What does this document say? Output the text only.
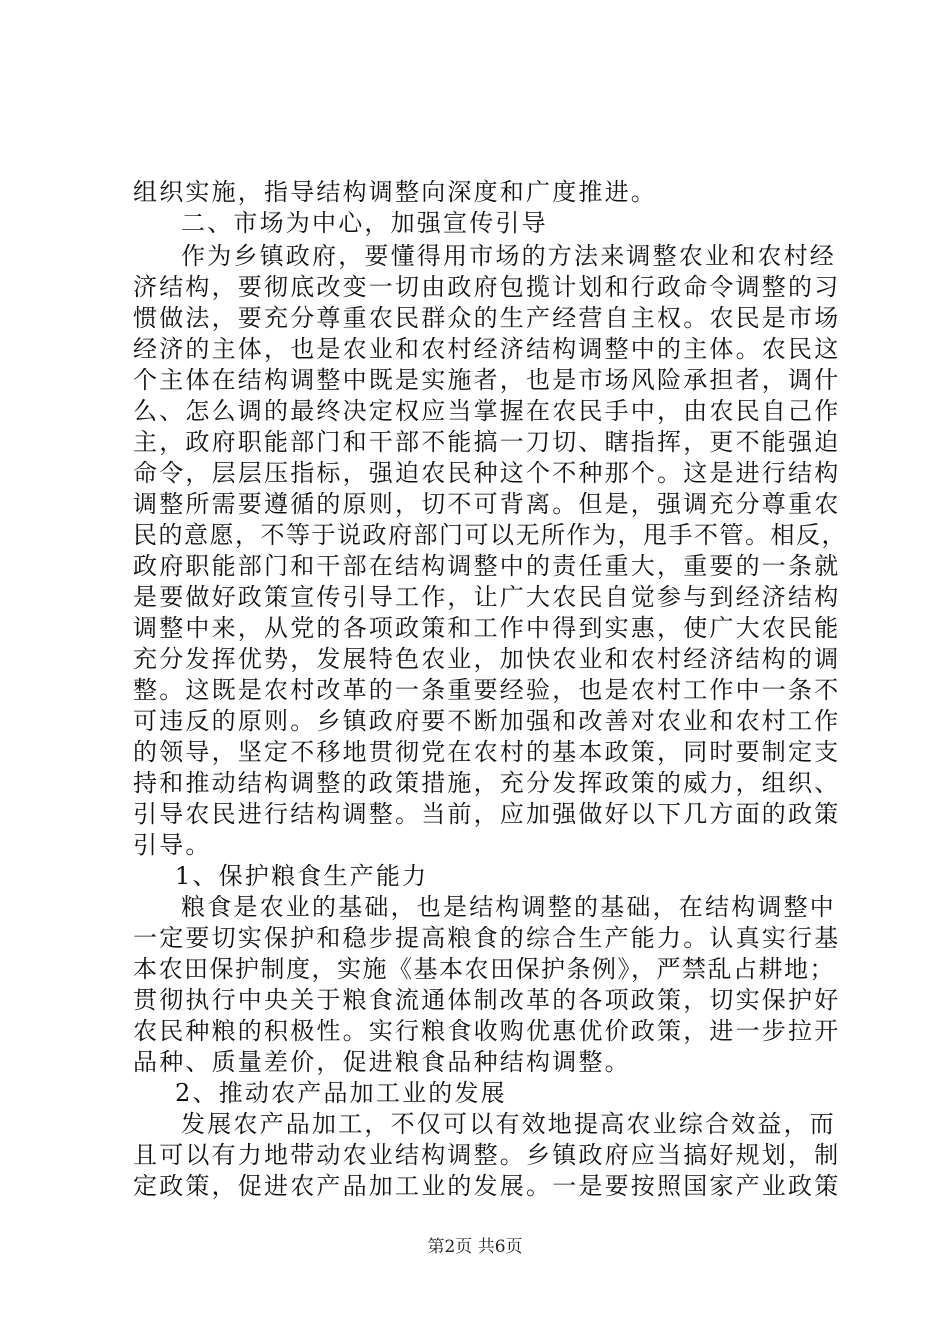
组织实施，指导结构调整向深度和广度推进。
二、市场为中心，加强宣传引导
作为乡镇政府，要懂得用市场的方法来调整农业和农村经
济结构，要彻底改变一切由政府包揽计划和行政命令调整的习
惯做法，要充分尊重农民群众的生产经营自主权。农民是市场
经济的主体，也是农业和农村经济结构调整中的主体。农民这
个主体在结构调整中既是实施者，也是市场风险承担者，调什
么、怎么调的最终决定权应当掌握在农民手中，由农民自己作
主，政府职能部门和干部不能搞一刀切、瞎指挥，更不能强迫
命令，层层压指标，强迫农民种这个不种那个。这是进行结构
调整所需要遵循的原则，切不可背离。但是，强调充分尊重农
民的意愿，不等于说政府部门可以无所作为，甩手不管。相反，
政府职能部门和干部在结构调整中的责任重大，重要的一条就
是要做好政策宣传引导工作，让广大农民自觉参与到经济结构
调整中来，从党的各项政策和工作中得到实惠，使广大农民能
充分发挥优势，发展特色农业，加快农业和农村经济结构的调
整。这既是农村改革的一条重要经验，也是农村工作中一条不
可违反的原则。乡镇政府要不断加强和改善对农业和农村工作
的领导，坚定不移地贯彻党在农村的基本政策，同时要制定支
持和推动结构调整的政策措施，充分发挥政策的威力，组织、
引导农民进行结构调整。当前，应加强做好以下几方面的政策
引导。
1、保护粮食生产能力
粮食是农业的基础，也是结构调整的基础，在结构调整中
一定要切实保护和稳步提高粮食的综合生产能力。认真实行基
本农田保护制度，实施《基本农田保护条例》，严禁乱占耕地；
贯彻执行中央关于粮食流通体制改革的各项政策，切实保护好
农民种粮的积极性。实行粮食收购优惠优价政策，进一步拉开
品种、质量差价，促进粮食品种结构调整。
2、推动农产品加工业的发展
发展农产品加工，不仅可以有效地提高农业综合效益，而
且可以有力地带动农业结构调整。乡镇政府应当搞好规划，制
定政策，促进农产品加工业的发展。一是要按照国家产业政策
第2页 共6页
